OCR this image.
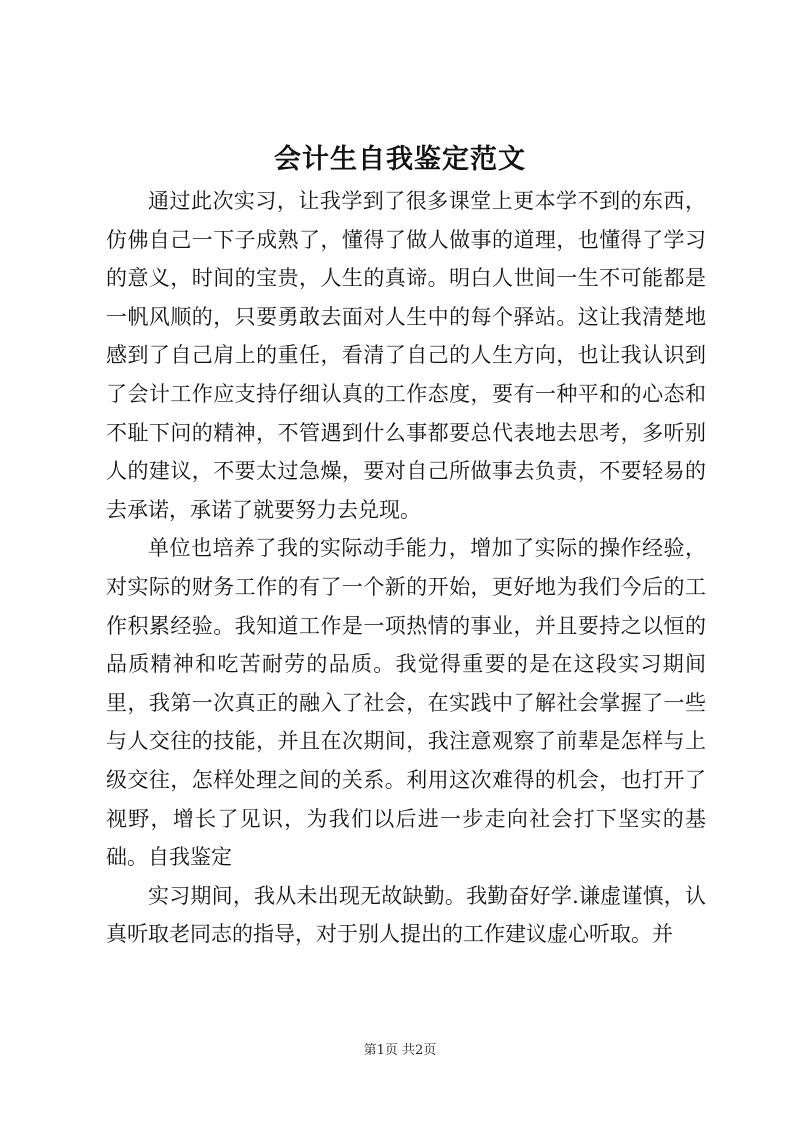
会计生自我鉴定范文

通过此次实习，让我学到了很多课堂上更本学不到的东西，仿佛自己一下子成熟了，懂得了做人做事的道理，也懂得了学习的意义，时间的宝贵，人生的真谛。明白人世间一生不可能都是一帆风顺的，只要勇敢去面对人生中的每个驿站。这让我清楚地感到了自己肩上的重任，看清了自己的人生方向，也让我认识到了会计工作应支持仔细认真的工作态度，要有一种平和的心态和不耻下问的精神，不管遇到什么事都要总代表地去思考，多听别人的建议，不要太过急燥，要对自己所做事去负责，不要轻易的去承诺，承诺了就要努力去兑现。

单位也培养了我的实际动手能力，增加了实际的操作经验，对实际的财务工作的有了一个新的开始，更好地为我们今后的工作积累经验。我知道工作是一项热情的事业，并且要持之以恒的品质精神和吃苦耐劳的品质。我觉得重要的是在这段实习期间里，我第一次真正的融入了社会，在实践中了解社会掌握了一些与人交往的技能，并且在次期间，我注意观察了前辈是怎样与上级交往，怎样处理之间的关系。利用这次难得的机会，也打开了视野，增长了见识，为我们以后进一步走向社会打下坚实的基础。自我鉴定

实习期间，我从未出现无故缺勤。我勤奋好学.谦虚谨慎，认真听取老同志的指导，对于别人提出的工作建议虚心听取。并

第1页 共2页
